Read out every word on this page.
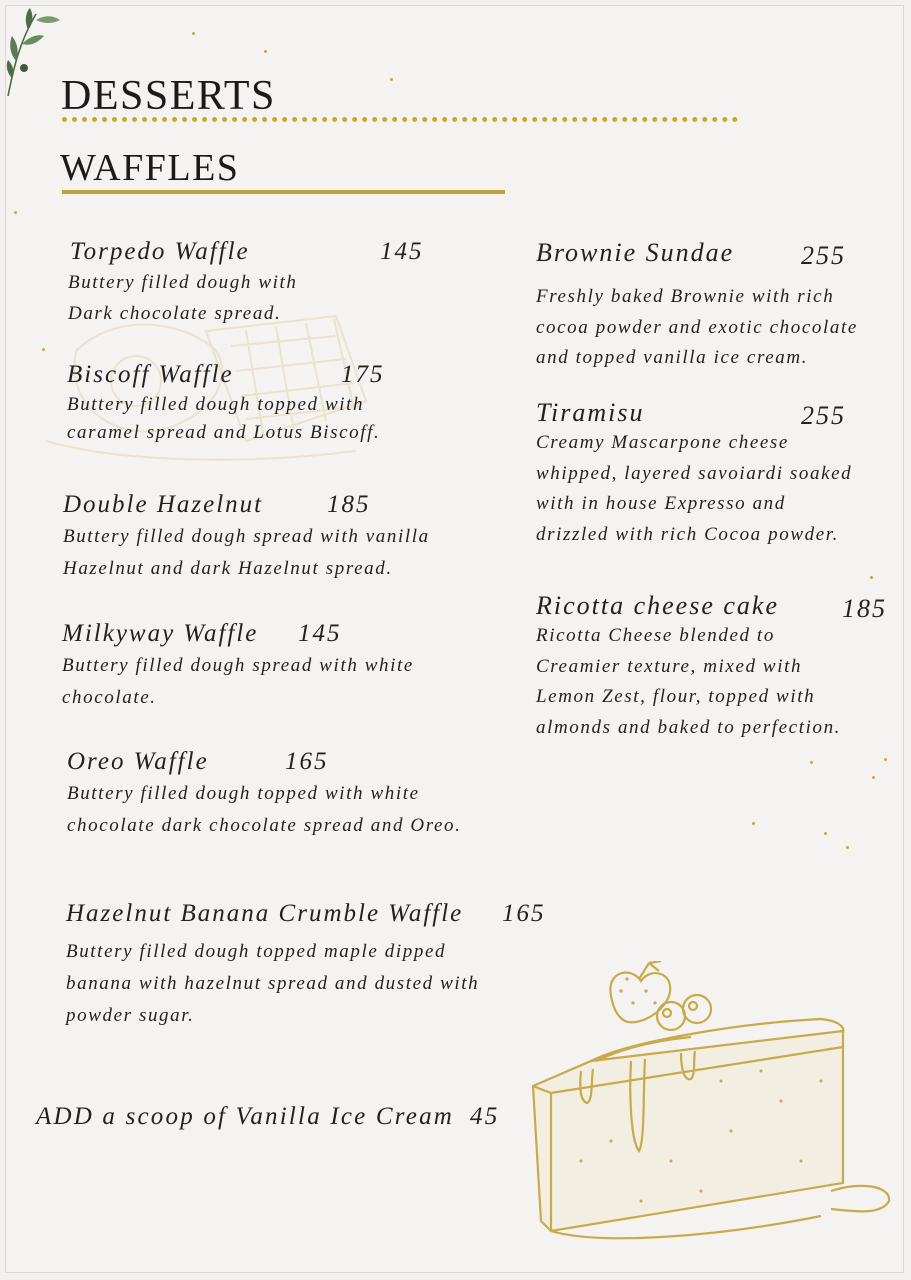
DESSERTS
WAFFLES
Torpedo Waffle	145
Buttery filled dough with
Dark chocolate spread.
Biscoff Waffle	175
Buttery filled dough topped with
caramel spread and Lotus Biscoff.
Double Hazelnut	185
Buttery filled dough spread with vanilla
Hazelnut and dark Hazelnut spread.
Milkyway Waffle 145
Buttery filled dough spread with white
chocolate.
Oreo Waffle	165
Buttery filled dough topped with white
chocolate dark chocolate spread and Oreo.
Hazelnut Banana Crumble Waffle 165
Buttery filled dough topped maple dipped
banana with hazelnut spread and dusted with
powder sugar.
ADD a scoop of Vanilla Ice Cream 45
Brownie Sundae	255
Freshly baked Brownie with rich
cocoa powder and exotic chocolate
and topped vanilla ice cream.
Tiramisu	255
Creamy Mascarpone cheese
whipped, layered savoiardi soaked
with in house Expresso and
drizzled with rich Cocoa powder.
Ricotta cheese cake 185
Ricotta Cheese blended to
Creamier texture, mixed with
Lemon Zest, flour, topped with
almonds and baked to perfection.
